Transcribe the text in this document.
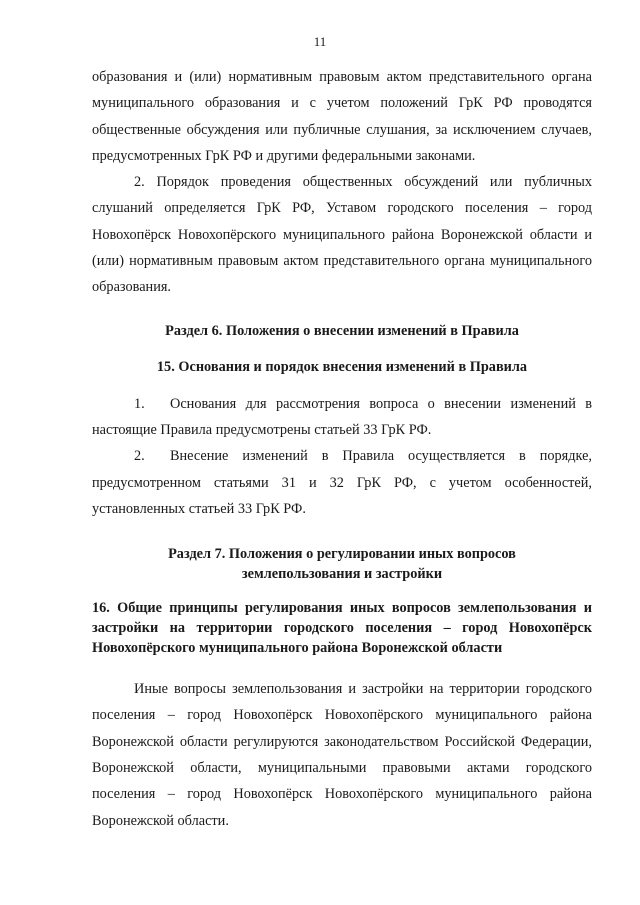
11

образования и (или) нормативным правовым актом представительного органа муниципального образования и с учетом положений ГрК РФ проводятся общественные обсуждения или публичные слушания, за исключением случаев, предусмотренных ГрК РФ и другими федеральными законами.

2. Порядок проведения общественных обсуждений или публичных слушаний определяется ГрК РФ, Уставом городского поселения – город Новохопёрск Новохопёрского муниципального района Воронежской области и (или) нормативным правовым актом представительного органа муниципального образования.

Раздел 6. Положения о внесении изменений в Правила
15. Основания и порядок внесения изменений в Правила

1. Основания для рассмотрения вопроса о внесении изменений в настоящие Правила предусмотрены статьей 33 ГрК РФ.

2. Внесение изменений в Правила осуществляется в порядке, предусмотренном статьями 31 и 32 ГрК РФ, с учетом особенностей, установленных статьей 33 ГрК РФ.

Раздел 7. Положения о регулировании иных вопросов
землепользования и застройки
16. Общие принципы регулирования иных вопросов землепользования и застройки на территории городского поселения – город Новохопёрск Новохопёрского муниципального района Воронежской области

Иные вопросы землепользования и застройки на территории городского поселения – город Новохопёрск Новохопёрского муниципального района Воронежской области регулируются законодательством Российской Федерации, Воронежской области, муниципальными правовыми актами городского поселения – город Новохопёрск Новохопёрского муниципального района Воронежской области.
